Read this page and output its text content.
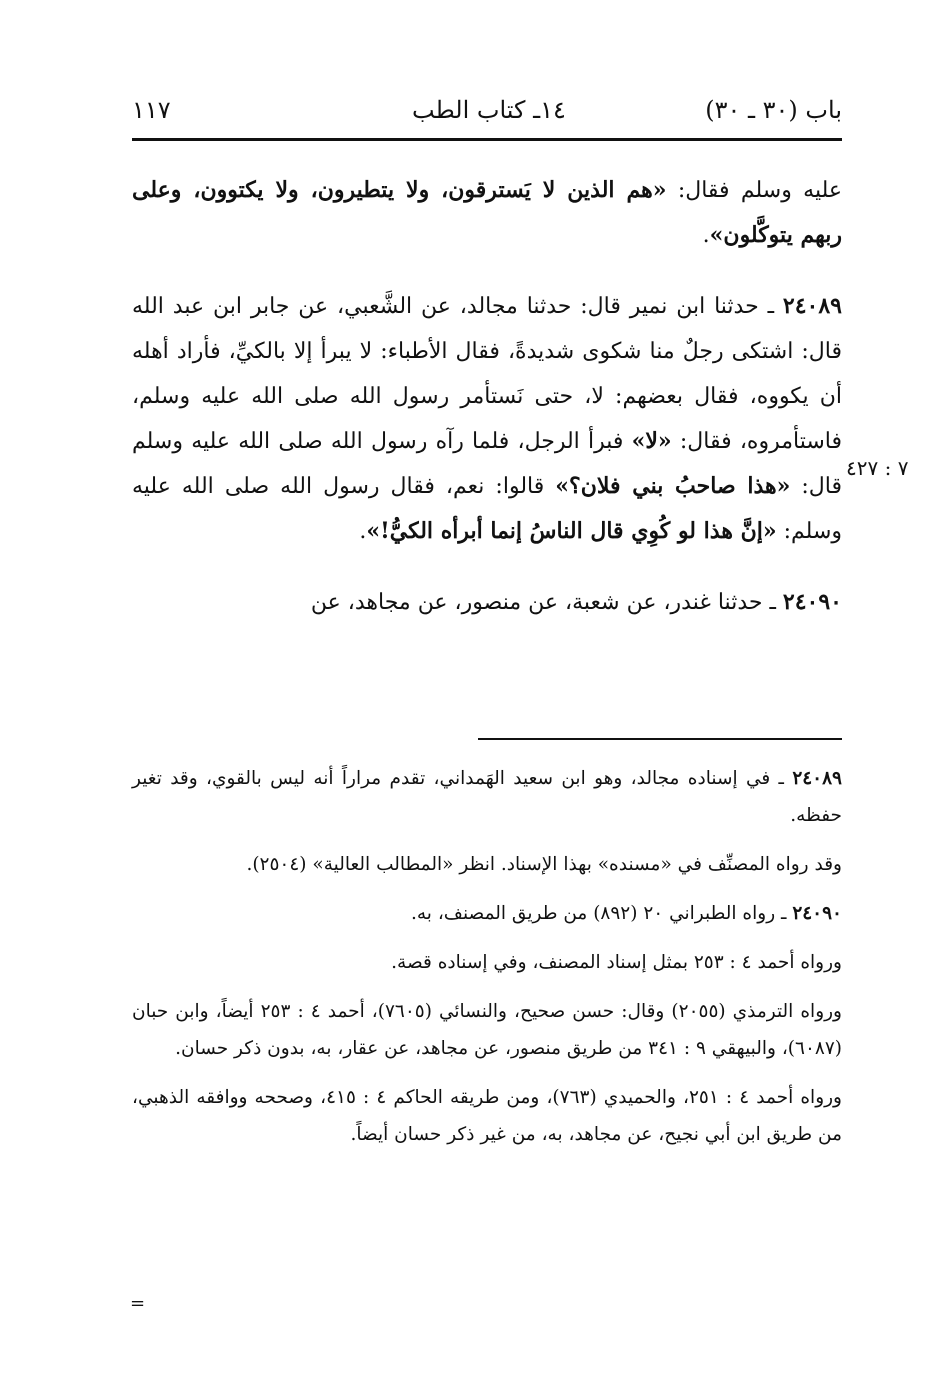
باب (٣٠ ـ ٣٠)
١٤ـ كتاب الطب
١١٧
٧ : ٤٢٧

عليه وسلم فقال: «هم الذين لا يَسترقون، ولا يتطيرون، ولا يكتوون، وعلى ربهم يتوكَّلون».

٢٤٠٨٩ ـ حدثنا ابن نمير قال: حدثنا مجالد، عن الشَّعبي، عن جابر ابن عبد الله قال: اشتكى رجلٌ منا شكوى شديدةً، فقال الأطباء: لا يبرأ إلا بالكيِّ، فأراد أهله أن يكووه، فقال بعضهم: لا، حتى نَستأمر رسول الله صلى الله عليه وسلم، فاستأمروه، فقال: «لا» فبرأ الرجل، فلما رآه رسول الله صلى الله عليه وسلم قال: «هذا صاحبُ بني فلان؟» قالوا: نعم، فقال رسول الله صلى الله عليه وسلم: «إنَّ هذا لو كُوِي قال الناسُ إنما أبرأه الكيُّ!».

٢٤٠٩٠ ـ حدثنا غندر، عن شعبة، عن منصور، عن مجاهد، عن

٢٤٠٨٩ ـ في إسناده مجالد، وهو ابن سعيد الهَمداني، تقدم مراراً أنه ليس بالقوي، وقد تغير حفظه.

وقد رواه المصنِّف في «مسنده» بهذا الإسناد. انظر «المطالب العالية» (٢٥٠٤).

٢٤٠٩٠ ـ رواه الطبراني ٢٠ (٨٩٢) من طريق المصنف، به.

ورواه أحمد ٤ : ٢٥٣ بمثل إسناد المصنف، وفي إسناده قصة.

ورواه الترمذي (٢٠٥٥) وقال: حسن صحيح، والنسائي (٧٦٠٥)، أحمد ٤ : ٢٥٣ أيضاً، وابن حبان (٦٠٨٧)، والبيهقي ٩ : ٣٤١ من طريق منصور، عن مجاهد، عن عقار، به، بدون ذكر حسان.

ورواه أحمد ٤ : ٢٥١، والحميدي (٧٦٣)، ومن طريقه الحاكم ٤ : ٤١٥، وصححه ووافقه الذهبي، من طريق ابن أبي نجيح، عن مجاهد، به، من غير ذكر حسان أيضاً.

=
